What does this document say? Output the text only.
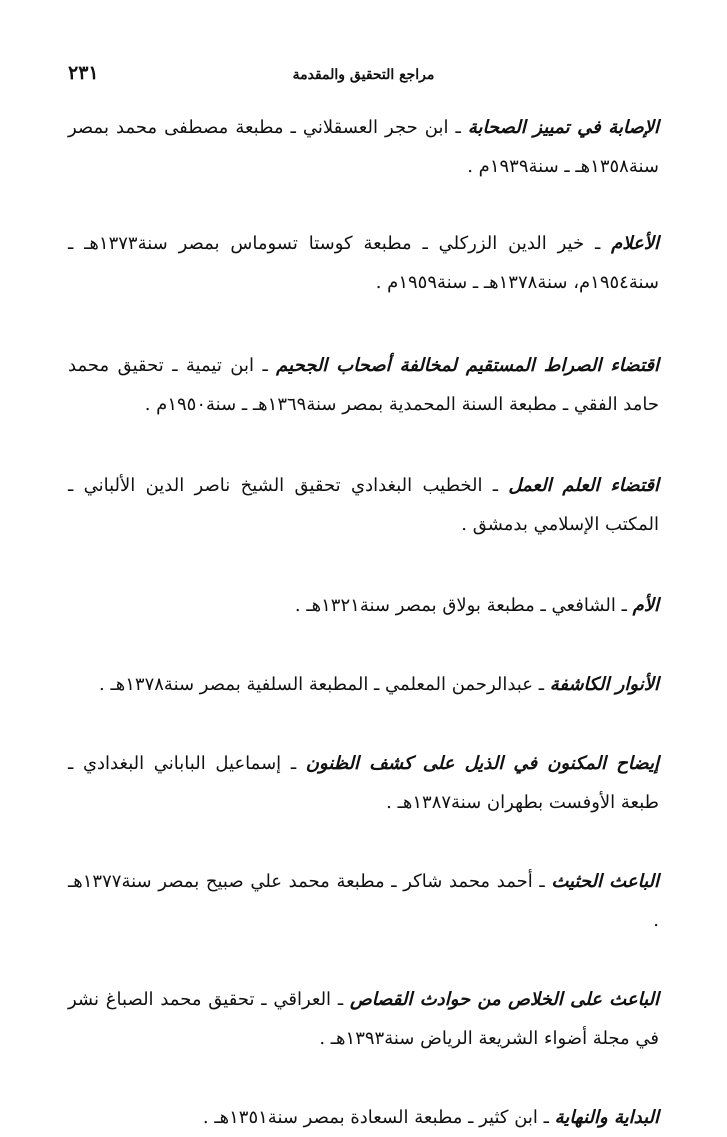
مراجع التحقيق والمقدمة
٢٣١
الإصابة في تمييز الصحابة ـ ابن حجر العسقلاني ـ مطبعة مصطفى محمد بمصر سنة١٣٥٨هـ ـ سنة١٩٣٩م .
الأعلام ـ خير الدين الزركلي ـ مطبعة كوستا تسوماس بمصر سنة١٣٧٣هـ ـ سنة١٩٥٤م، سنة١٣٧٨هـ ـ سنة١٩٥٩م .
اقتضاء الصراط المستقيم لمخالفة أصحاب الجحيم ـ ابن تيمية ـ تحقيق محمد حامد الفقي ـ مطبعة السنة المحمدية بمصر سنة١٣٦٩هـ ـ سنة١٩٥٠م .
اقتضاء العلم العمل ـ الخطيب البغدادي تحقيق الشيخ ناصر الدين الألباني ـ المكتب الإسلامي بدمشق .
الأم ـ الشافعي ـ مطبعة بولاق بمصر سنة١٣٢١هـ .
الأنوار الكاشفة ـ عبدالرحمن المعلمي ـ المطبعة السلفية بمصر سنة١٣٧٨هـ .
إيضاح المكنون في الذيل على كشف الظنون ـ إسماعيل الباباني البغدادي ـ طبعة الأوفست بطهران سنة١٣٨٧هـ .
الباعث الحثيث ـ أحمد محمد شاكر ـ مطبعة محمد علي صبيح بمصر سنة١٣٧٧هـ .
الباعث على الخلاص من حوادث القصاص ـ العراقي ـ تحقيق محمد الصباغ نشر في مجلة أضواء الشريعة الرياض سنة١٣٩٣هـ .
البداية والنهاية ـ ابن كثير ـ مطبعة السعادة بمصر سنة١٣٥١هـ .
